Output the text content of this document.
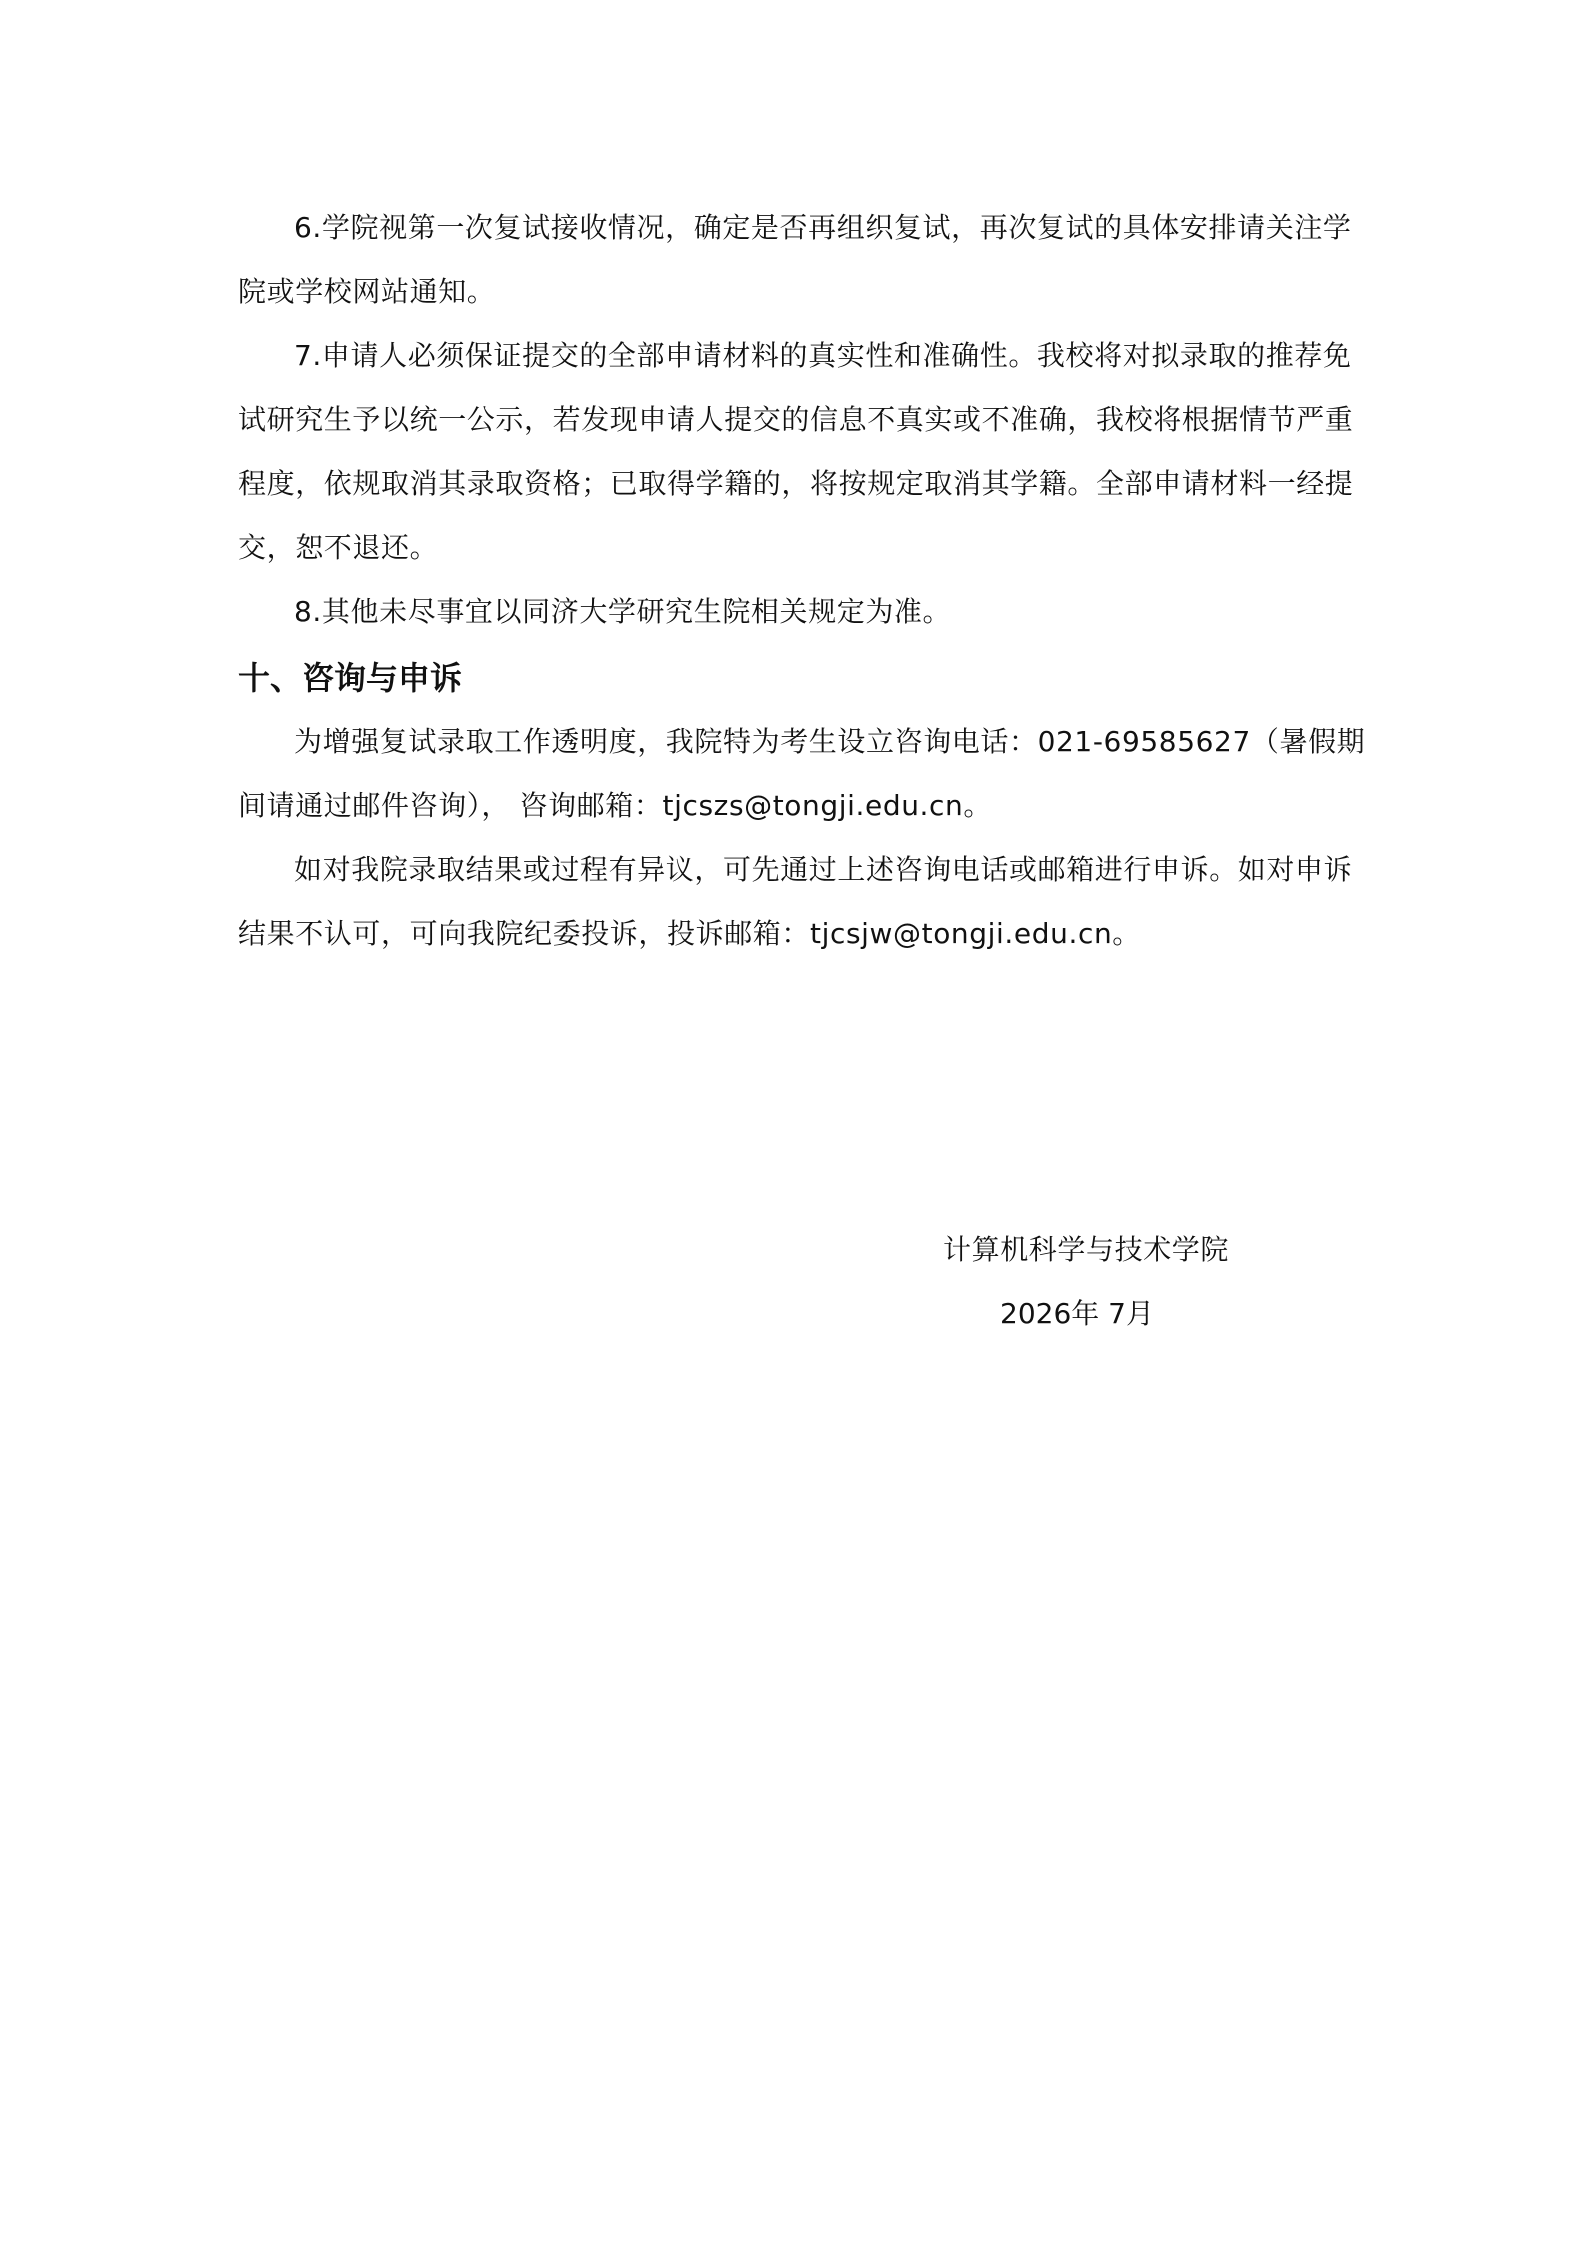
6.学院视第一次复试接收情况，确定是否再组织复试，再次复试的具体安排请关注学院或学校网站通知。

7.申请人必须保证提交的全部申请材料的真实性和准确性。我校将对拟录取的推荐免试研究生予以统一公示，若发现申请人提交的信息不真实或不准确，我校将根据情节严重程度，依规取消其录取资格；已取得学籍的，将按规定取消其学籍。全部申请材料一经提交，恕不退还。

8.其他未尽事宜以同济大学研究生院相关规定为准。

十、咨询与申诉

为增强复试录取工作透明度，我院特为考生设立咨询电话：021-69585627（暑假期间请通过邮件咨询）， 咨询邮箱：tjcszs@tongji.edu.cn。

如对我院录取结果或过程有异议，可先通过上述咨询电话或邮箱进行申诉。如对申诉结果不认可，可向我院纪委投诉，投诉邮箱：tjcsjw@tongji.edu.cn。

计算机科学与技术学院
2026年 7月
